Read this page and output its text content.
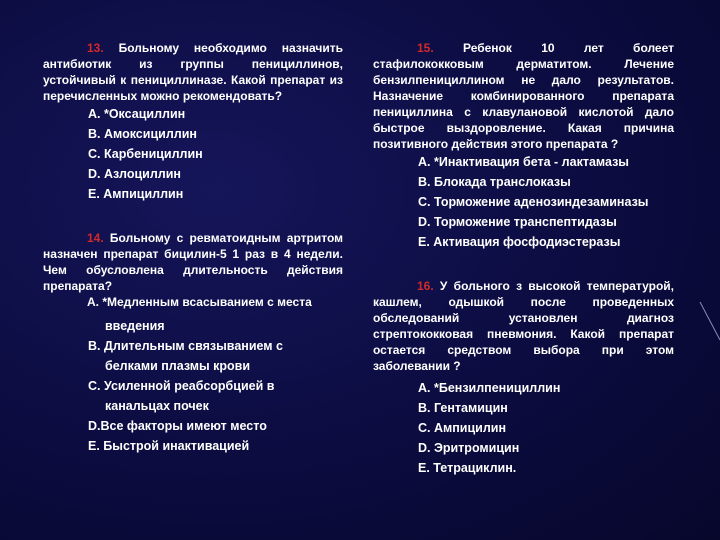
13. Больному необходимо назначить антибиотик из группы пенициллинов, устойчивый к пенициллиназе. Какой препарат из перечисленных можно рекомендовать?

А. *Оксациллин

В. Амоксициллин

С. Карбенициллин

D. Азлоциллин

Е. Ампициллин

14. Больному с ревматоидным артритом назначен препарат бицилин-5 1 раз в 4 недели. Чем обусловлена длительность действия препарата?

А. *Медленным всасыванием с места

введения

В. Длительным связыванием с

белками плазмы крови

С. Усиленной реабсорбцией в

канальцах почек

D.Все факторы имеют место

Е. Быстрой инактивацией

15. Ребенок 10 лет болеет стафилококковым дерматитом. Лечение бензилпенициллином не дало результатов. Назначение комбинированного препарата пенициллина с клавулановой кислотой дало быстрое выздоровление. Какая причина позитивного действия этого препарата ?

А. *Инактивация бета - лактамазы

В. Блокада транслоказы

С. Торможение аденозиндезаминазы

D. Торможение транспептидазы

Е. Активация фосфодиэстеразы

16. У больного з высокой температурой, кашлем, одышкой после проведенных обследований установлен диагноз стрептококковая пневмония. Какой препарат остается средством выбора при этом заболевании ?

А. *Бензилпенициллин

В. Гентамицин

С. Ампицилин

D. Эритромицин

Е. Тетрациклин.
